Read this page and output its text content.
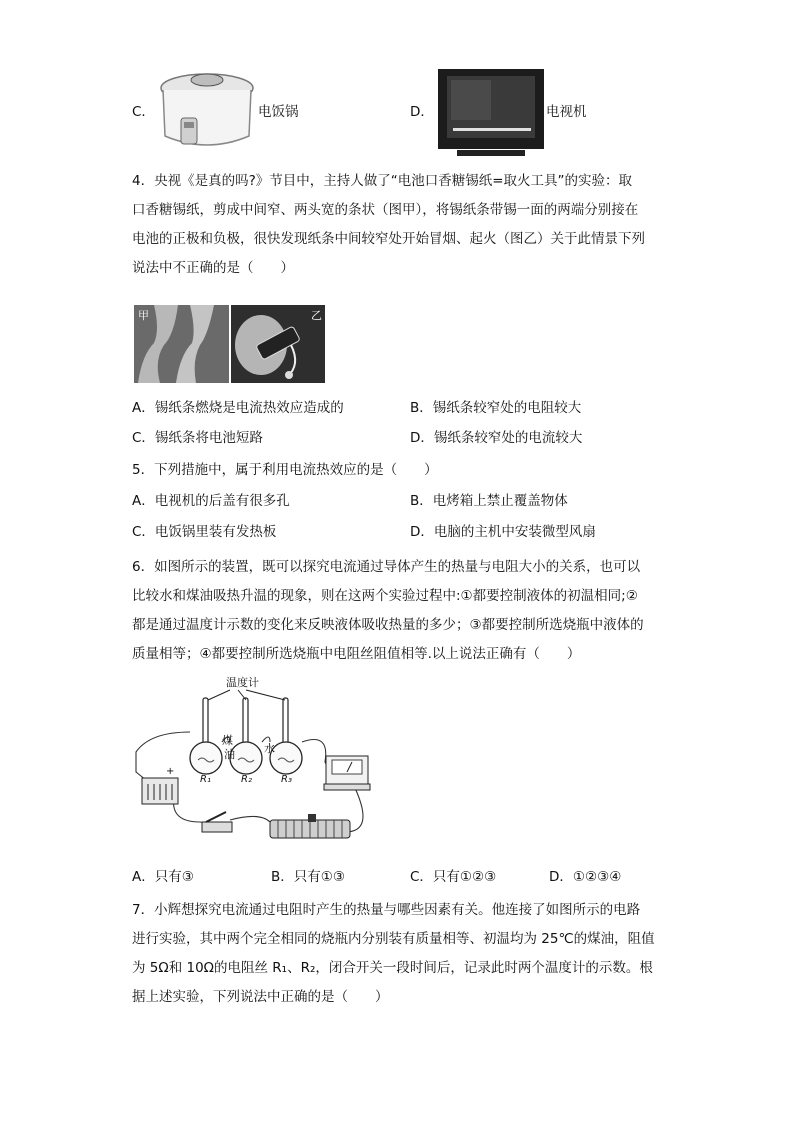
C．	电饭锅	D．	电视机
4．央视《是真的吗?》节目中，主持人做了“电池口香糖锡纸=取火工具”的实验：取
口香糖锡纸，剪成中间窄、两头宽的条状（图甲），将锡纸条带锡一面的两端分别接在
电池的正极和负极，很快发现纸条中间较窄处开始冒烟、起火（图乙）关于此情景下列
说法中不正确的是（　　）
甲	乙
A．锡纸条燃烧是电流热效应造成的	B．锡纸条较窄处的电阻较大
C．锡纸条将电池短路	D．锡纸条较窄处的电流较大
5．下列措施中，属于利用电流热效应的是（　　）
A．电视机的后盖有很多孔	B．电烤箱上禁止覆盖物体
C．电饭锅里装有发热板	D．电脑的主机中安装微型风扇
6．如图所示的装置，既可以探究电流通过导体产生的热量与电阻大小的关系，也可以
比较水和煤油吸热升温的现象，则在这两个实验过程中:①都要控制液体的初温相同;②
都是通过温度计示数的变化来反映液体吸收热量的多少；③都要控制所选烧瓶中液体的
质量相等；④都要控制所选烧瓶中电阻丝阻值相等.以上说法正确有（　　）
温度计
煤
油	水
R₁	R₂	R₃
+
A．只有③	B．只有①③	C．只有①②③	D．①②③④
7．小辉想探究电流通过电阻时产生的热量与哪些因素有关。他连接了如图所示的电路
进行实验，其中两个完全相同的烧瓶内分别装有质量相等、初温均为 25℃的煤油，阻值
为 5Ω和 10Ω的电阻丝 R₁、R₂，闭合开关一段时间后，记录此时两个温度计的示数。根
据上述实验，下列说法中正确的是（　　）
